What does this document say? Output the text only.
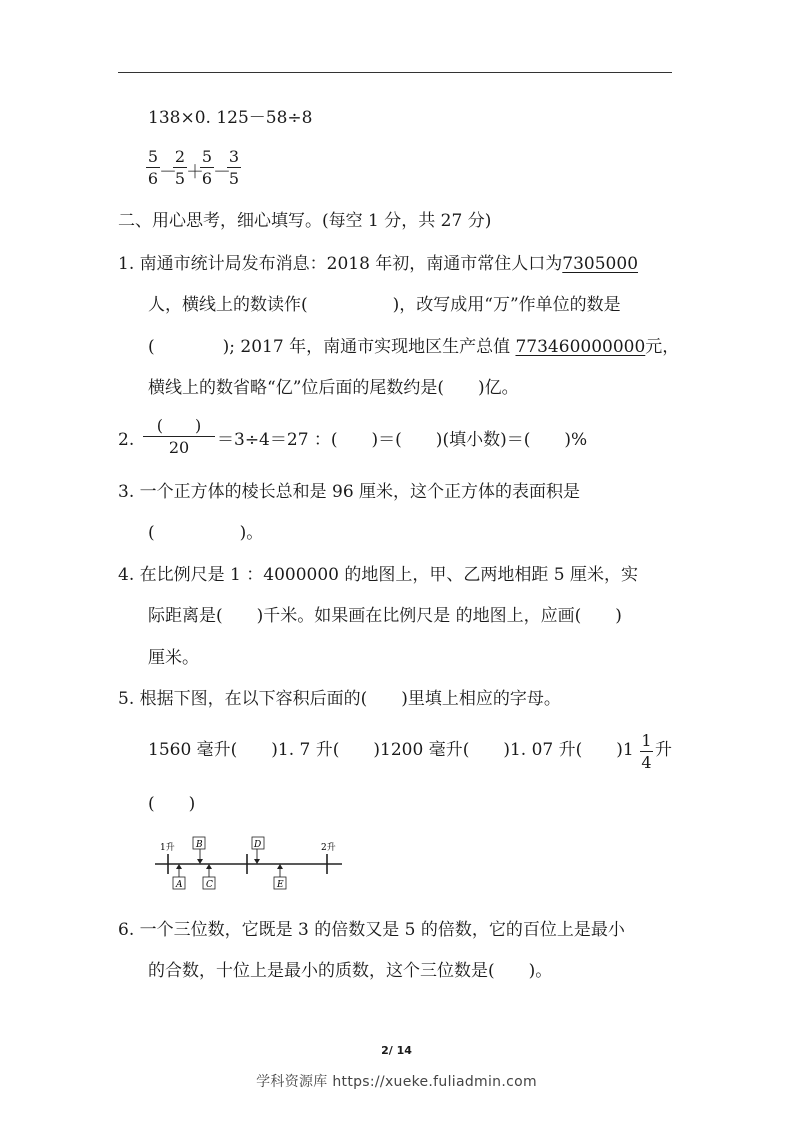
138×0. 125－58÷8
$\frac{5}{6}$ －
$\frac{2}{5}$ ＋
$\frac{5}{6}$ －
$\frac{3}{5}$
二、用心思考，细心填写。(每空 1 分，共 27 分)
1. 南通市统计局发布消息：2018 年初，南通市常住人口为7305000
人，横线上的数读作(　　　　　)，改写成用“万”作单位的数是
(　　　　); 2017 年，南通市实现地区生产总值 773460000000元，
横线上的数省略“亿”位后面的尾数约是(　　)亿。
2.
(　　)
20	＝3÷4＝27 ：(　　)＝(　　)(填小数)＝(　　)%
3. 一个正方体的棱长总和是 96 厘米，这个正方体的表面积是
(　　　　　)。
4. 在比例尺是 1 ：4000000 的地图上，甲、乙两地相距 5 厘米，实
际距离是(　　)千米。如果画在比例尺是 的地图上，应画(　　)
厘米。
5. 根据下图，在以下容积后面的(　　)里填上相应的字母。
1560 毫升(　　)1. 7 升(　　)1200 毫升(　　)1. 07 升(　　)$1 \frac{1}{4}$ 升
(　　)
1升	2升
B	D
A	C	E
6. 一个三位数，它既是 3 的倍数又是 5 的倍数，它的百位上是最小
的合数，十位上是最小的质数，这个三位数是(　　)。
2/ 14
学科资源库 https://xueke.fuliadmin.com
